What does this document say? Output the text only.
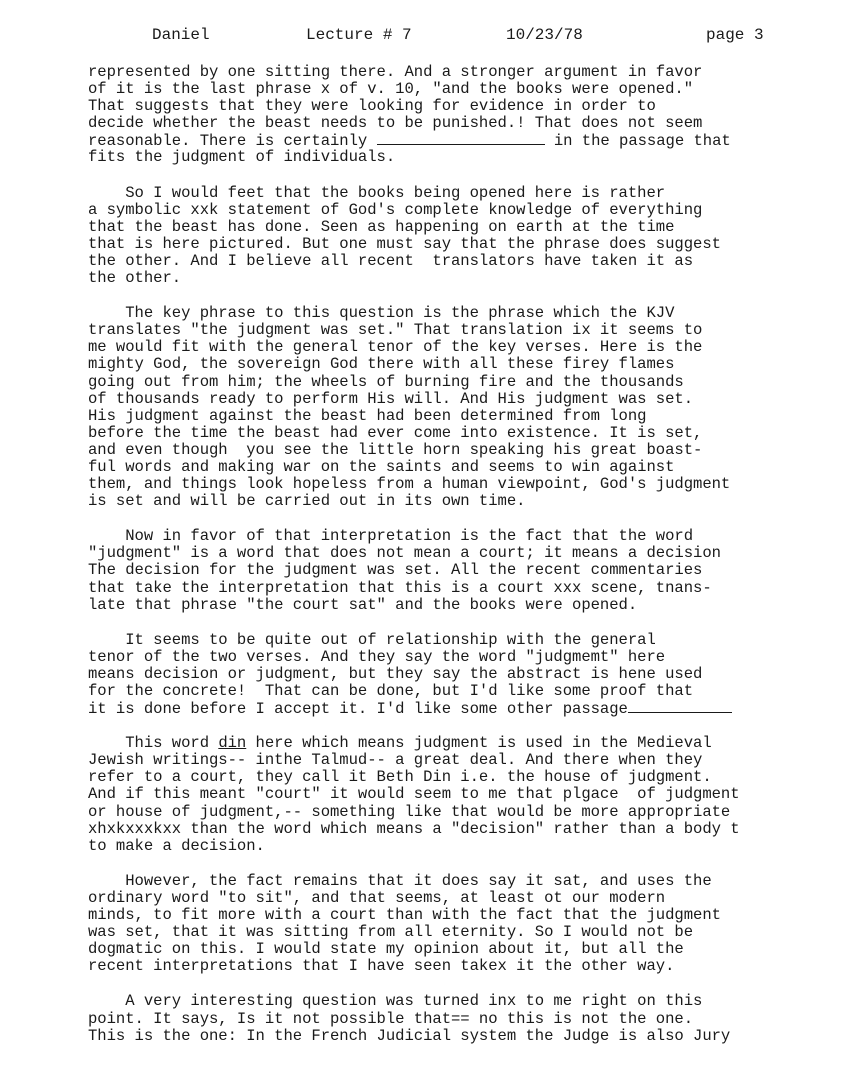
Daniel	Lecture # 7	10/23/78	page 3
represented by one sitting there. And a stronger argument in favor
of it is the last phrase x of v. 10, "and the books were opened."
That suggests that they were looking for evidence in order to
decide whether the beast needs to be punished.! That does not seem
reasonable. There is certainly	in the passage that
fits the judgment of individuals.
So I would feet that the books being opened here is rather
a symbolic xxk statement of God's complete knowledge of everything
that the beast has done. Seen as happening on earth at the time
that is here pictured. But one must say that the phrase does suggest
the other. And I believe all recent  translators have taken it as
the other.
The key phrase to this question is the phrase which the KJV
translates "the judgment was set." That translation ix it seems to
me would fit with the general tenor of the key verses. Here is the
mighty God, the sovereign God there with all these firey flames
going out from him; the wheels of burning fire and the thousands
of thousands ready to perform His will. And His judgment was set.
His judgment against the beast had been determined from long
before the time the beast had ever come into existence. It is set,
and even though  you see the little horn speaking his great boast-
ful words and making war on the saints and seems to win against
them, and things look hopeless from a human viewpoint, God's judgment
is set and will be carried out in its own time.
Now in favor of that interpretation is the fact that the word
"judgment" is a word that does not mean a court; it means a decision
The decision for the judgment was set. All the recent commentaries
that take the interpretation that this is a court xxx scene, tnans-
late that phrase "the court sat" and the books were opened.
It seems to be quite out of relationship with the general
tenor of the two verses. And they say the word "judgmemt" here
means decision or judgment, but they say the abstract is hene used
for the concrete!  That can be done, but I'd like some proof that
it is done before I accept it. I'd like some other passage
This word din here which means judgment is used in the Medieval
Jewish writings-- inthe Talmud-- a great deal. And there when they
refer to a court, they call it Beth Din i.e. the house of judgment.
And if this meant "court" it would seem to me that plgace  of judgment
or house of judgment,-- something like that would be more appropriate
xhxkxxxkxx than the word which means a "decision" rather than a body t
to make a decision.
However, the fact remains that it does say it sat, and uses the
ordinary word "to sit", and that seems, at least ot our modern
minds, to fit more with a court than with the fact that the judgment
was set, that it was sitting from all eternity. So I would not be
dogmatic on this. I would state my opinion about it, but all the
recent interpretations that I have seen takex it the other way.
A very interesting question was turned inx to me right on this
point. It says, Is it not possible that== no this is not the one.
This is the one: In the French Judicial system the Judge is also Jury
